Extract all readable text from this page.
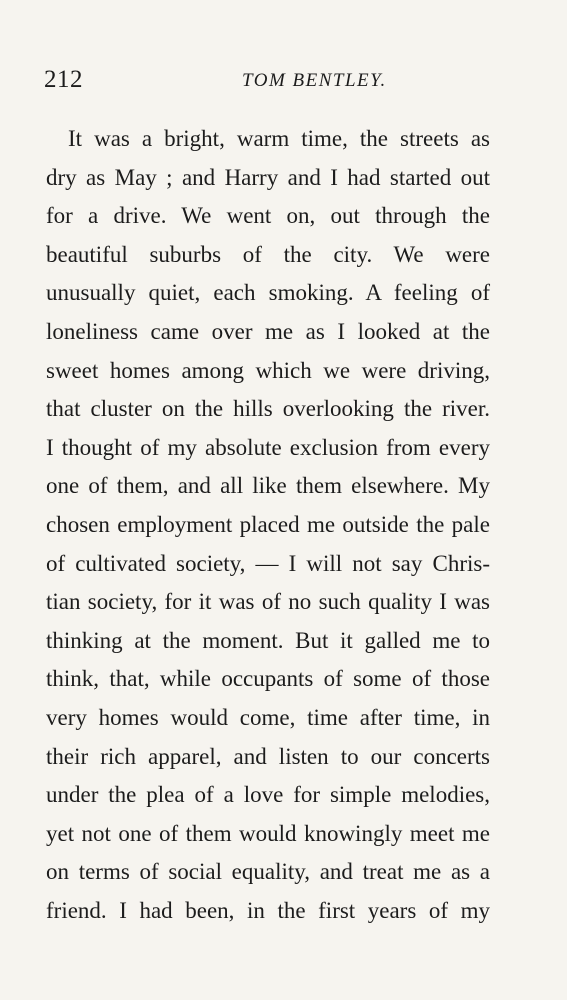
212	TOM BENTLEY.
It was a bright, warm time, the streets as
dry as May ; and Harry and I had started out
for a drive. We went on, out through the
beautiful suburbs of the city. We were
unusually quiet, each smoking. A feeling of
loneliness came over me as I looked at the
sweet homes among which we were driving,
that cluster on the hills overlooking the river.
I thought of my absolute exclusion from every
one of them, and all like them elsewhere. My
chosen employment placed me outside the pale
of cultivated society, — I will not say Chris-
tian society, for it was of no such quality I was
thinking at the moment. But it galled me to
think, that, while occupants of some of those
very homes would come, time after time, in
their rich apparel, and listen to our concerts
under the plea of a love for simple melodies,
yet not one of them would knowingly meet me
on terms of social equality, and treat me as a
friend. I had been, in the first years of my
